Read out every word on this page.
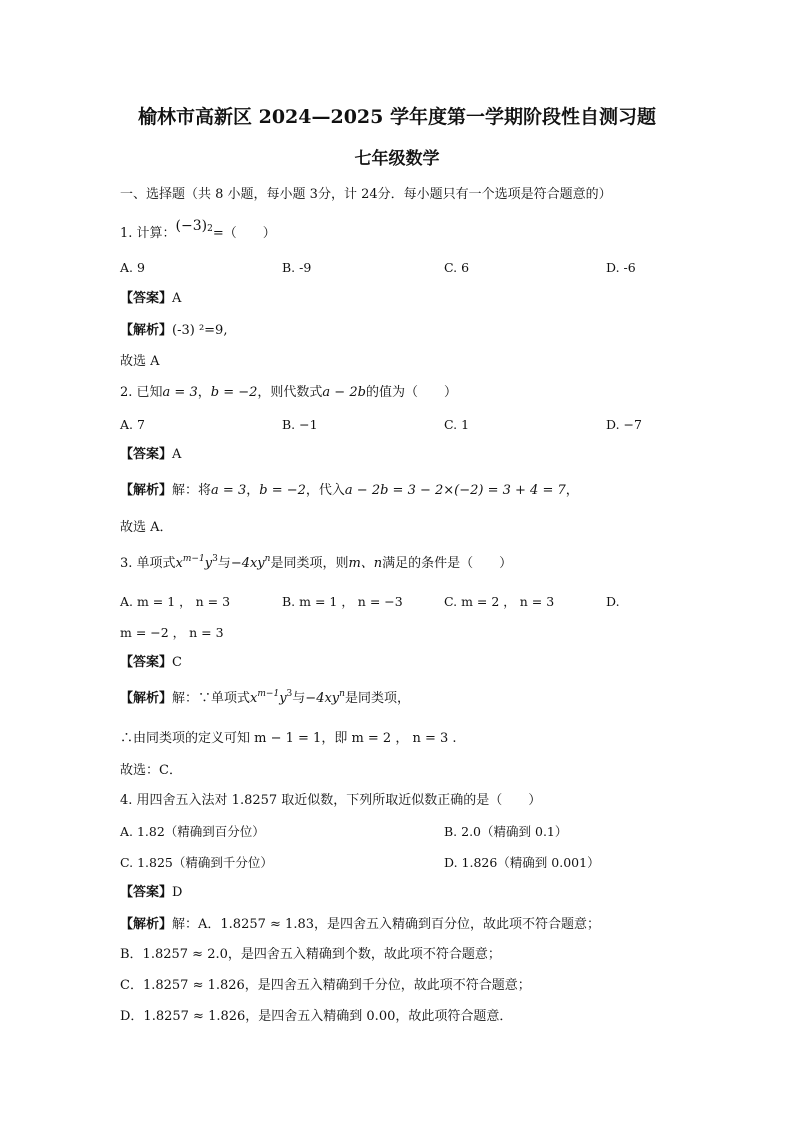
榆林市高新区 2024—2025 学年度第一学期阶段性自测习题
七年级数学
一、选择题（共 8 小题，每小题 3分，计 24分．每小题只有一个选项是符合题意的）
1. 计算：$(-3)^2=$（　　）
A. 9	B. -9	C. 6	D. -6
【答案】A
【解析】(-3) ²=9,
故选 A
2. 已知a = 3，b = −2，则代数式a − 2b的值为（　　）
A. 7	B. −1	C. 1	D. −7
【答案】A
【解析】解：将a = 3，b = −2，代入a − 2b = 3 − 2×(−2) = 3 + 4 = 7，
故选 A．
3. 单项式$x^{m-1}y^3$与$-4xy^n$是同类项，则m、n满足的条件是（　　）
A. m = 1 ， n = 3	B. m = 1 ， n = −3	C. m = 2 ， n = 3	D.
m = −2 ， n = 3
【答案】C
【解析】解：∵单项式$x^{m-1}y^3$与$-4xy^n$是同类项，
∴由同类项的定义可知 m − 1 = 1，即 m = 2 ， n = 3 .
故选：C．
4. 用四舍五入法对 1.8257 取近似数，下列所取近似数正确的是（　　）
A. 1.82（精确到百分位）	B. 2.0（精确到 0.1）
C. 1.825（精确到千分位）	D. 1.826（精确到 0.001）
【答案】D
【解析】解：A．1.8257 ≈ 1.83，是四舍五入精确到百分位，故此项不符合题意；
B．1.8257 ≈ 2.0，是四舍五入精确到个数，故此项不符合题意；
C．1.8257 ≈ 1.826，是四舍五入精确到千分位，故此项不符合题意；
D．1.8257 ≈ 1.826，是四舍五入精确到 0.00，故此项符合题意．
